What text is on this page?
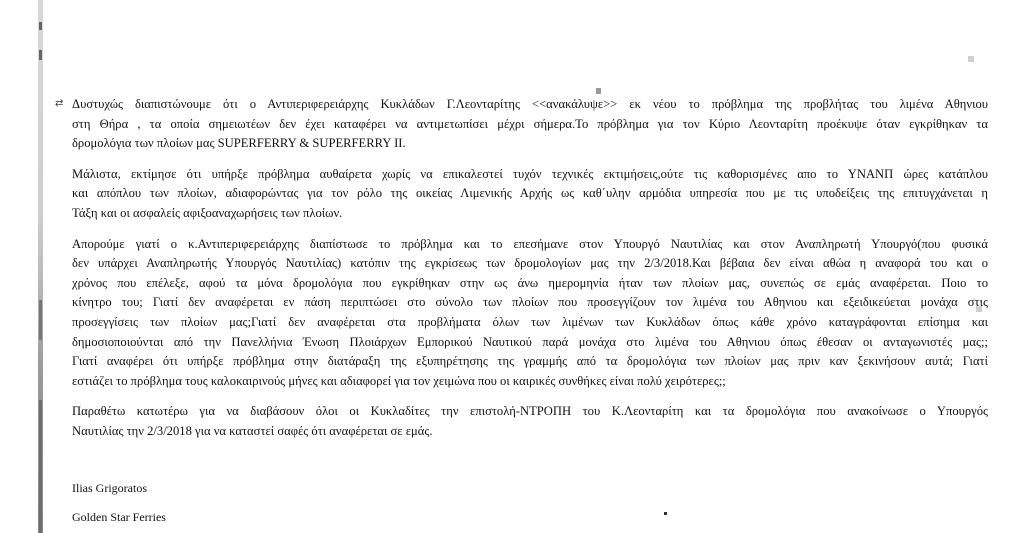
⇄ Δυστυχώς διαπιστώνουμε ότι ο Αντιπεριφερειάρχης Κυκλάδων Γ.Λεονταρίτης <<ανακάλυψε>> εκ νέου το πρόβλημα της προβλήτας του λιμένα Αθηνιου
στη Θήρα , τα οποία σημειωτέων δεν έχει καταφέρει να αντιμετωπίσει μέχρι σήμερα.Το πρόβλημα για τον Κύριο Λεονταρίτη προέκυψε όταν εγκρίθηκαν τα
δρομολόγια των πλοίων μας SUPERFERRY & SUPERFERRY II.

Μάλιστα, εκτίμησε ότι υπήρξε πρόβλημα αυθαίρετα χωρίς να επικαλεστεί τυχόν τεχνικές εκτιμήσεις,ούτε τις καθορισμένες απο το ΥΝΑΝΠ ώρες κατάπλου
και απόπλου των πλοίων, αδιαφορώντας για τον ρόλο της οικείας Λιμενικής Αρχής ως καθ΄υλην αρμόδια υπηρεσία που με τις υποδείξεις της επιτυγχάνεται η
Τάξη και οι ασφαλείς αφιξοαναχωρήσεις των πλοίων.

Απορούμε γιατί ο κ.Αντιπεριφερειάρχης διαπίστωσε το πρόβλημα και το επεσήμανε στον Υπουργό Ναυτιλίας και στον Αναπληρωτή Υπουργό(που φυσικά
δεν υπάρχει Αναπληρωτής Υπουργός Ναυτιλίας) κατόπιν της εγκρίσεως των δρομολογίων μας την 2/3/2018.Και βέβαια δεν είναι αθώα η αναφορά του και ο
χρόνος που επέλεξε, αφού τα μόνα δρομολόγια που εγκρίθηκαν στην ως άνω ημερομηνία ήταν των πλοίων μας, συνεπώς σε εμάς αναφέρεται. Ποιο το
κίνητρο του; Γιατί δεν αναφέρεται εν πάση περιπτώσει στο σύνολο των πλοίων που προσεγγίζουν τον λιμένα του Αθηνιου και εξειδικεύεται μονάχα στις
προσεγγίσεις των πλοίων μας;Γιατί δεν αναφέρεται στα προβλήματα όλων των λιμένων των Κυκλάδων όπως κάθε χρόνο καταγράφονται επίσημα και
δημοσιοποιούνται από την Πανελλήνια Ένωση Πλοιάρχων Εμπορικού Ναυτικού παρά μονάχα στο λιμένα του Αθηνιου όπως έθεσαν οι ανταγωνιστές μας;;
Γιατί αναφέρει ότι υπήρξε πρόβλημα στην διατάραξη της εξυπηρέτησης της γραμμής από τα δρομολόγια των πλοίων μας πριν καν ξεκινήσουν αυτά; Γιατί
εστιάζει το πρόβλημα τους καλοκαιρινούς μήνες και αδιαφορεί για τον χειμώνα που οι καιρικές συνθήκες είναι πολύ χειρότερες;;

Παραθέτω κατωτέρω για να διαβάσουν όλοι οι Κυκλαδίτες την επιστολή-ΝΤΡΟΠΗ του Κ.Λεονταρίτη και τα δρομολόγια που ανακοίνωσε ο Υπουργός
Ναυτιλίας την 2/3/2018 για να καταστεί σαφές ότι αναφέρεται σε εμάς.

Ilias Grigoratos
Golden Star Ferries
